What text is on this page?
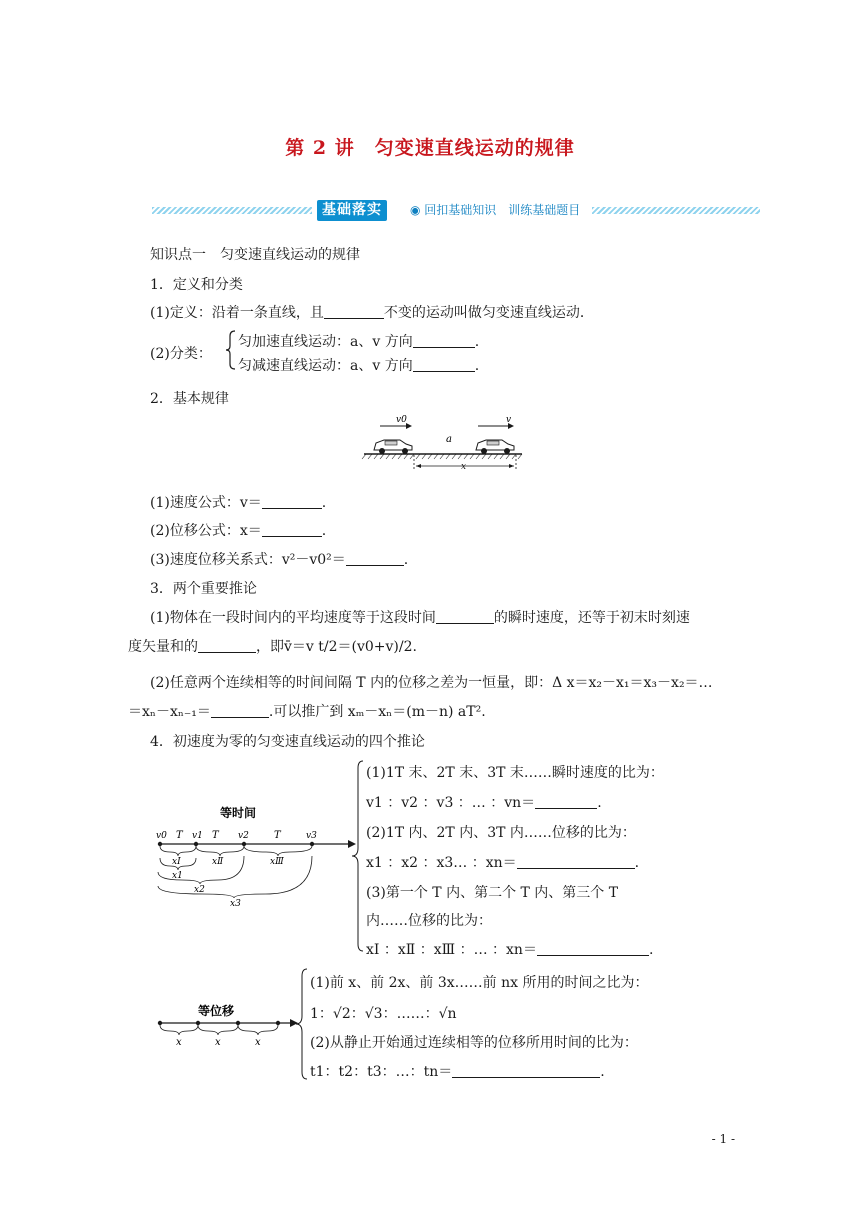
第 2 讲　匀变速直线运动的规律
基础落实	◉ 回扣基础知识　训练基础题目
知识点一　匀变速直线运动的规律
1．定义和分类
(1)定义：沿着一条直线，且	不变的运动叫做匀变速直线运动．
(2)分类：
匀加速直线运动：a、v 方向	.
匀减速直线运动：a、v 方向	.
2．基本规律
v0	v
a
x
(1)速度公式：v＝	.
(2)位移公式：x＝	.
(3)速度位移关系式：v²－v0²＝	.
3．两个重要推论
(1)物体在一段时间内的平均速度等于这段时间	的瞬时速度，还等于初末时刻速
度矢量和的	，即v̄＝v t/2＝(v0+v)/2.
(2)任意两个连续相等的时间间隔 T 内的位移之差为一恒量，即：Δ x＝x₂－x₁＝x₃－x₂＝…
＝xₙ－xₙ₋₁＝	.可以推广到 xₘ－xₙ＝(m－n) aT².
4．初速度为零的匀变速直线运动的四个推论
等时间
v0 T v1 T v2	T	v3
xⅠ	xⅡ	xⅢ
x1
x2
x3
(1)1T 末、2T 末、3T 末……瞬时速度的比为：
v1 ：v2 ：v3 ：… ：vn＝	.
(2)1T 内、2T 内、3T 内……位移的比为：
x1 ：x2 ：x3… ：xn＝	.
(3)第一个 T 内、第二个 T 内、第三个 T
内……位移的比为：
xⅠ ：xⅡ ：xⅢ ：… ：xn＝	.
等位移
x	x	x
(1)前 x、前 2x、前 3x……前 nx 所用的时间之比为：
1：√2：√3：……：√n
(2)从静止开始通过连续相等的位移所用时间的比为：
t1：t2：t3：…：tn＝	.
- 1 -
